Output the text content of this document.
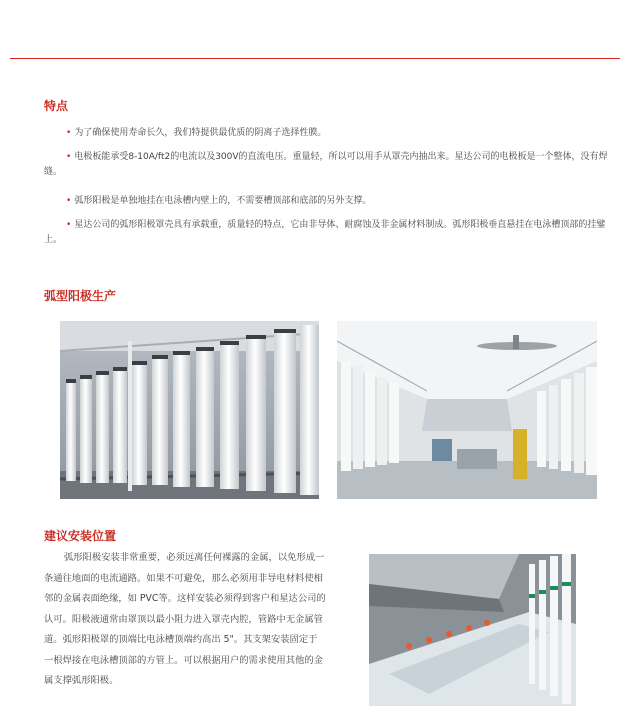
特点
• 为了确保使用寿命长久，我们特提供最优质的阴离子选择性膜。
• 电极板能承受8-10A/ft2的电流以及300V的直流电压。重量轻，所以可以用手从罩壳内抽出来。星达公司的电极板是一个整体，没有焊缝。
• 弧形阳极是单独地挂在电泳槽内壁上的，不需要槽顶部和底部的另外支撑。
• 星达公司的弧形阳极罩壳具有承载重，质量轻的特点，它由非导体、耐腐蚀及非金属材料制成。弧形阳极垂直悬挂在电泳槽顶部的挂鐾上。
弧型阳极生产
建议安装位置
弧形阳极安装非常重要，必须远离任何裸露的金属，以免形成一条通往地面的电流通路。如果不可避免，那么必须用非导电材料使相邻的金属表面绝缘，如 PVC等。这样安装必须得到客户和星达公司的认可。阳极液通常由罩顶以最小阻力进入罩壳内腔，管路中无金属管道。弧形阳极罩的顶端比电泳槽顶端约高出 5"。其支架安装固定于一根焊接在电泳槽顶部的方管上。可以根据用户的需求使用其他的金属支撑弧形阳极。
